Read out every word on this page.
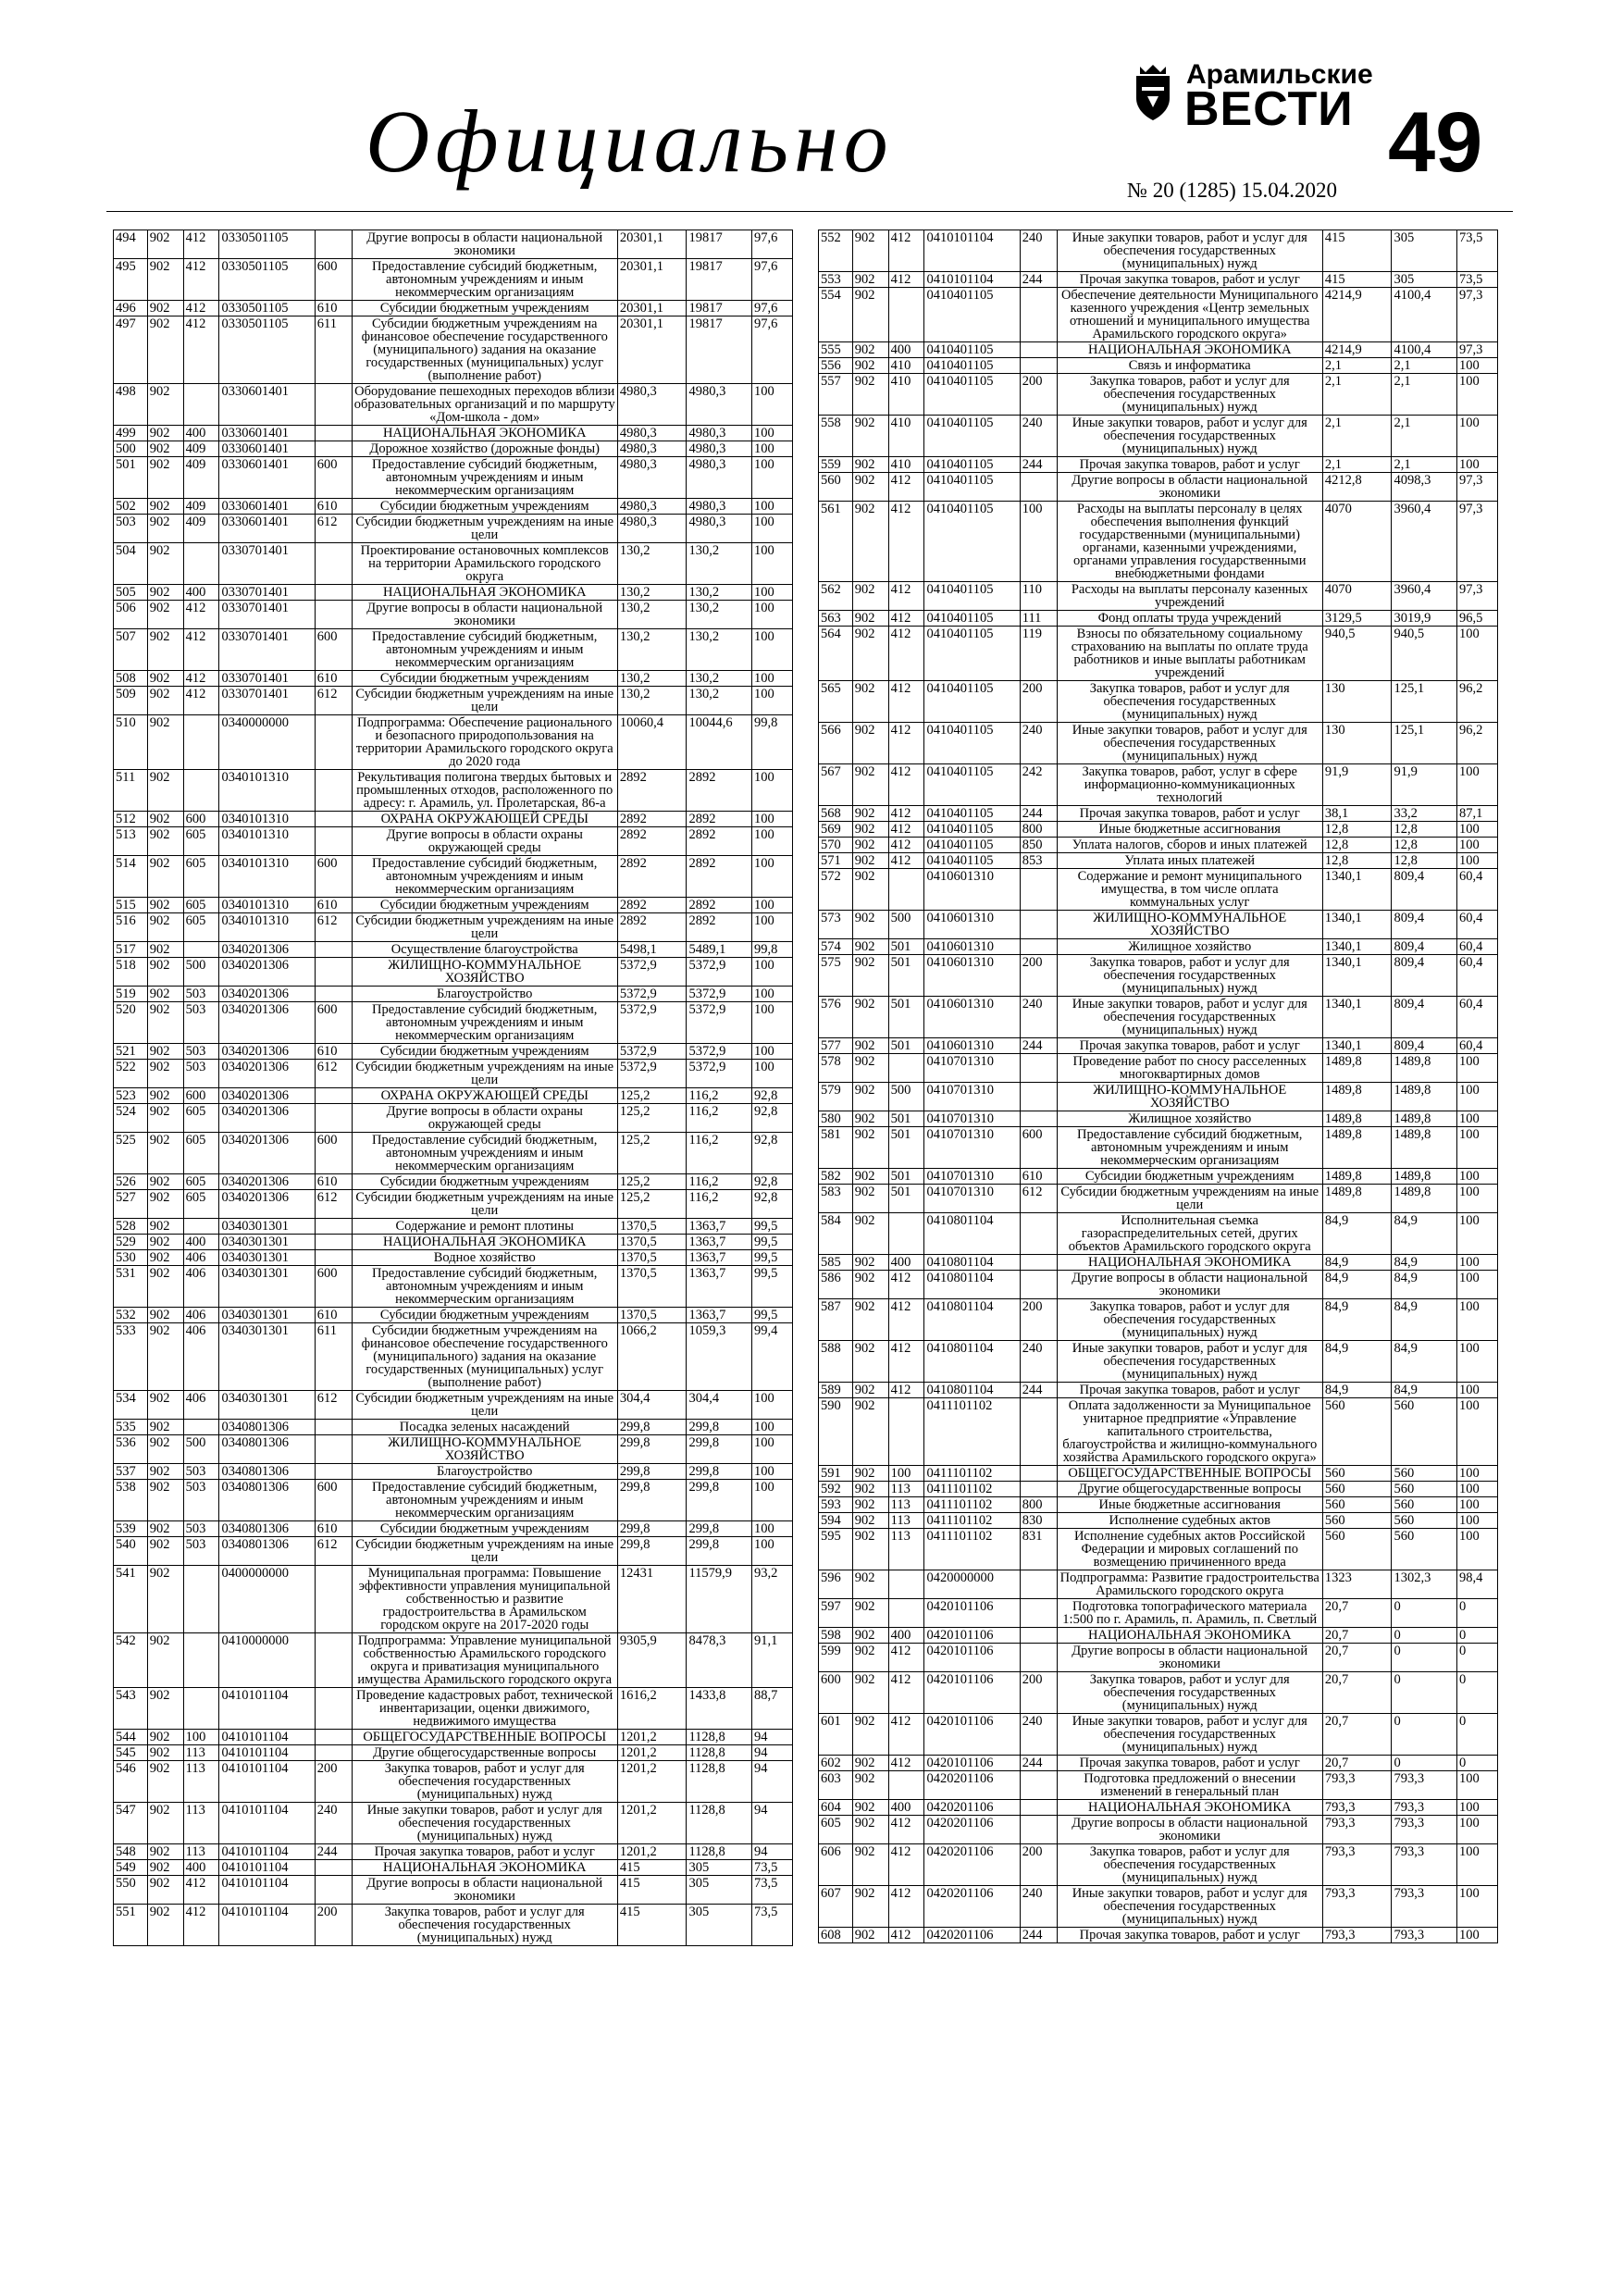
Официально
Арамильские
ВЕСТИ
№ 20 (1285) 15.04.2020
49
494	902	412	0330501105		Другие вопросы в области национальной экономики	20301,1	19817	97,6
495	902	412	0330501105	600	Предоставление субсидий бюджетным, автономным учреждениям и иным некоммерческим организациям	20301,1	19817	97,6
496	902	412	0330501105	610	Субсидии бюджетным учреждениям	20301,1	19817	97,6
497	902	412	0330501105	611	Субсидии бюджетным учреждениям на финансовое обеспечение государственного (муниципального) задания на оказание государственных (муниципальных) услуг (выполнение работ)	20301,1	19817	97,6
498	902		0330601401		Оборудование пешеходных переходов вблизи образовательных организаций и по маршруту «Дом-школа - дом»	4980,3	4980,3	100
499	902	400	0330601401		НАЦИОНАЛЬНАЯ ЭКОНОМИКА	4980,3	4980,3	100
500	902	409	0330601401		Дорожное хозяйство (дорожные фонды)	4980,3	4980,3	100
501	902	409	0330601401	600	Предоставление субсидий бюджетным, автономным учреждениям и иным некоммерческим организациям	4980,3	4980,3	100
502	902	409	0330601401	610	Субсидии бюджетным учреждениям	4980,3	4980,3	100
503	902	409	0330601401	612	Субсидии бюджетным учреждениям на иные цели	4980,3	4980,3	100
504	902		0330701401		Проектирование остановочных комплексов на территории Арамильского городского округа	130,2	130,2	100
505	902	400	0330701401		НАЦИОНАЛЬНАЯ ЭКОНОМИКА	130,2	130,2	100
506	902	412	0330701401		Другие вопросы в области национальной экономики	130,2	130,2	100
507	902	412	0330701401	600	Предоставление субсидий бюджетным, автономным учреждениям и иным некоммерческим организациям	130,2	130,2	100
508	902	412	0330701401	610	Субсидии бюджетным учреждениям	130,2	130,2	100
509	902	412	0330701401	612	Субсидии бюджетным учреждениям на иные цели	130,2	130,2	100
510	902		0340000000		Подпрограмма: Обеспечение рационального и безопасного природопользования на территории Арамильского городского округа до 2020 года	10060,4	10044,6	99,8
511	902		0340101310		Рекультивация полигона твердых бытовых и промышленных отходов, расположенного по адресу: г. Арамиль, ул. Пролетарская, 86-а	2892	2892	100
512	902	600	0340101310		ОХРАНА ОКРУЖАЮЩЕЙ СРЕДЫ	2892	2892	100
513	902	605	0340101310		Другие вопросы в области охраны окружающей среды	2892	2892	100
514	902	605	0340101310	600	Предоставление субсидий бюджетным, автономным учреждениям и иным некоммерческим организациям	2892	2892	100
515	902	605	0340101310	610	Субсидии бюджетным учреждениям	2892	2892	100
516	902	605	0340101310	612	Субсидии бюджетным учреждениям на иные цели	2892	2892	100
517	902		0340201306		Осуществление благоустройства	5498,1	5489,1	99,8
518	902	500	0340201306		ЖИЛИЩНО-КОММУНАЛЬНОЕ ХОЗЯЙСТВО	5372,9	5372,9	100
519	902	503	0340201306		Благоустройство	5372,9	5372,9	100
520	902	503	0340201306	600	Предоставление субсидий бюджетным, автономным учреждениям и иным некоммерческим организациям	5372,9	5372,9	100
521	902	503	0340201306	610	Субсидии бюджетным учреждениям	5372,9	5372,9	100
522	902	503	0340201306	612	Субсидии бюджетным учреждениям на иные цели	5372,9	5372,9	100
523	902	600	0340201306		ОХРАНА ОКРУЖАЮЩЕЙ СРЕДЫ	125,2	116,2	92,8
524	902	605	0340201306		Другие вопросы в области охраны окружающей среды	125,2	116,2	92,8
525	902	605	0340201306	600	Предоставление субсидий бюджетным, автономным учреждениям и иным некоммерческим организациям	125,2	116,2	92,8
526	902	605	0340201306	610	Субсидии бюджетным учреждениям	125,2	116,2	92,8
527	902	605	0340201306	612	Субсидии бюджетным учреждениям на иные цели	125,2	116,2	92,8
528	902		0340301301		Содержание и ремонт плотины	1370,5	1363,7	99,5
529	902	400	0340301301		НАЦИОНАЛЬНАЯ ЭКОНОМИКА	1370,5	1363,7	99,5
530	902	406	0340301301		Водное хозяйство	1370,5	1363,7	99,5
531	902	406	0340301301	600	Предоставление субсидий бюджетным, автономным учреждениям и иным некоммерческим организациям	1370,5	1363,7	99,5
532	902	406	0340301301	610	Субсидии бюджетным учреждениям	1370,5	1363,7	99,5
533	902	406	0340301301	611	Субсидии бюджетным учреждениям на финансовое обеспечение государственного (муниципального) задания на оказание государственных (муниципальных) услуг (выполнение работ)	1066,2	1059,3	99,4
534	902	406	0340301301	612	Субсидии бюджетным учреждениям на иные цели	304,4	304,4	100
535	902		0340801306		Посадка зеленых насаждений	299,8	299,8	100
536	902	500	0340801306		ЖИЛИЩНО-КОММУНАЛЬНОЕ ХОЗЯЙСТВО	299,8	299,8	100
537	902	503	0340801306		Благоустройство	299,8	299,8	100
538	902	503	0340801306	600	Предоставление субсидий бюджетным, автономным учреждениям и иным некоммерческим организациям	299,8	299,8	100
539	902	503	0340801306	610	Субсидии бюджетным учреждениям	299,8	299,8	100
540	902	503	0340801306	612	Субсидии бюджетным учреждениям на иные цели	299,8	299,8	100
541	902		0400000000		Муниципальная программа: Повышение эффективности управления муниципальной собственностью и развитие градостроительства в Арамильском городском округе на 2017-2020 годы	12431	11579,9	93,2
542	902		0410000000		Подпрограмма: Управление муниципальной собственностью Арамильского городского округа и приватизация муниципального имущества Арамильского городского округа	9305,9	8478,3	91,1
543	902		0410101104		Проведение кадастровых работ, технической инвентаризации, оценки движимого, недвижимого имущества	1616,2	1433,8	88,7
544	902	100	0410101104		ОБЩЕГОСУДАРСТВЕННЫЕ ВОПРОСЫ	1201,2	1128,8	94
545	902	113	0410101104		Другие общегосударственные вопросы	1201,2	1128,8	94
546	902	113	0410101104	200	Закупка товаров, работ и услуг для обеспечения государственных (муниципальных) нужд	1201,2	1128,8	94
547	902	113	0410101104	240	Иные закупки товаров, работ и услуг для обеспечения государственных (муниципальных) нужд	1201,2	1128,8	94
548	902	113	0410101104	244	Прочая закупка товаров, работ и услуг	1201,2	1128,8	94
549	902	400	0410101104		НАЦИОНАЛЬНАЯ ЭКОНОМИКА	415	305	73,5
550	902	412	0410101104		Другие вопросы в области национальной экономики	415	305	73,5
551	902	412	0410101104	200	Закупка товаров, работ и услуг для обеспечения государственных (муниципальных) нужд	415	305	73,5
552	902	412	0410101104	240	Иные закупки товаров, работ и услуг для обеспечения государственных (муниципальных) нужд	415	305	73,5
553	902	412	0410101104	244	Прочая закупка товаров, работ и услуг	415	305	73,5
554	902		0410401105		Обеспечение деятельности Муниципального казенного учреждения «Центр земельных отношений и муниципального имущества Арамильского городского округа»	4214,9	4100,4	97,3
555	902	400	0410401105		НАЦИОНАЛЬНАЯ ЭКОНОМИКА	4214,9	4100,4	97,3
556	902	410	0410401105		Связь и информатика	2,1	2,1	100
557	902	410	0410401105	200	Закупка товаров, работ и услуг для обеспечения государственных (муниципальных) нужд	2,1	2,1	100
558	902	410	0410401105	240	Иные закупки товаров, работ и услуг для обеспечения государственных (муниципальных) нужд	2,1	2,1	100
559	902	410	0410401105	244	Прочая закупка товаров, работ и услуг	2,1	2,1	100
560	902	412	0410401105		Другие вопросы в области национальной экономики	4212,8	4098,3	97,3
561	902	412	0410401105	100	Расходы на выплаты персоналу в целях обеспечения выполнения функций государственными (муниципальными) органами, казенными учреждениями, органами управления государственными внебюджетными фондами	4070	3960,4	97,3
562	902	412	0410401105	110	Расходы на выплаты персоналу казенных учреждений	4070	3960,4	97,3
563	902	412	0410401105	111	Фонд оплаты труда учреждений	3129,5	3019,9	96,5
564	902	412	0410401105	119	Взносы по обязательному социальному страхованию на выплаты по оплате труда работников и иные выплаты работникам учреждений	940,5	940,5	100
565	902	412	0410401105	200	Закупка товаров, работ и услуг для обеспечения государственных (муниципальных) нужд	130	125,1	96,2
566	902	412	0410401105	240	Иные закупки товаров, работ и услуг для обеспечения государственных (муниципальных) нужд	130	125,1	96,2
567	902	412	0410401105	242	Закупка товаров, работ, услуг в сфере информационно-коммуникационных технологий	91,9	91,9	100
568	902	412	0410401105	244	Прочая закупка товаров, работ и услуг	38,1	33,2	87,1
569	902	412	0410401105	800	Иные бюджетные ассигнования	12,8	12,8	100
570	902	412	0410401105	850	Уплата налогов, сборов и иных платежей	12,8	12,8	100
571	902	412	0410401105	853	Уплата иных платежей	12,8	12,8	100
572	902		0410601310		Содержание и ремонт муниципального имущества, в том числе оплата коммунальных услуг	1340,1	809,4	60,4
573	902	500	0410601310		ЖИЛИЩНО-КОММУНАЛЬНОЕ ХОЗЯЙСТВО	1340,1	809,4	60,4
574	902	501	0410601310		Жилищное хозяйство	1340,1	809,4	60,4
575	902	501	0410601310	200	Закупка товаров, работ и услуг для обеспечения государственных (муниципальных) нужд	1340,1	809,4	60,4
576	902	501	0410601310	240	Иные закупки товаров, работ и услуг для обеспечения государственных (муниципальных) нужд	1340,1	809,4	60,4
577	902	501	0410601310	244	Прочая закупка товаров, работ и услуг	1340,1	809,4	60,4
578	902		0410701310		Проведение работ по сносу расселенных многоквартирных домов	1489,8	1489,8	100
579	902	500	0410701310		ЖИЛИЩНО-КОММУНАЛЬНОЕ ХОЗЯЙСТВО	1489,8	1489,8	100
580	902	501	0410701310		Жилищное хозяйство	1489,8	1489,8	100
581	902	501	0410701310	600	Предоставление субсидий бюджетным, автономным учреждениям и иным некоммерческим организациям	1489,8	1489,8	100
582	902	501	0410701310	610	Субсидии бюджетным учреждениям	1489,8	1489,8	100
583	902	501	0410701310	612	Субсидии бюджетным учреждениям на иные цели	1489,8	1489,8	100
584	902		0410801104		Исполнительная съемка газораспределительных сетей, других объектов Арамильского городского округа	84,9	84,9	100
585	902	400	0410801104		НАЦИОНАЛЬНАЯ ЭКОНОМИКА	84,9	84,9	100
586	902	412	0410801104		Другие вопросы в области национальной экономики	84,9	84,9	100
587	902	412	0410801104	200	Закупка товаров, работ и услуг для обеспечения государственных (муниципальных) нужд	84,9	84,9	100
588	902	412	0410801104	240	Иные закупки товаров, работ и услуг для обеспечения государственных (муниципальных) нужд	84,9	84,9	100
589	902	412	0410801104	244	Прочая закупка товаров, работ и услуг	84,9	84,9	100
590	902		0411101102		Оплата задолженности за Муниципальное унитарное предприятие «Управление капитального строительства, благоустройства и жилищно-коммунального хозяйства Арамильского городского округа»	560	560	100
591	902	100	0411101102		ОБЩЕГОСУДАРСТВЕННЫЕ ВОПРОСЫ	560	560	100
592	902	113	0411101102		Другие общегосударственные вопросы	560	560	100
593	902	113	0411101102	800	Иные бюджетные ассигнования	560	560	100
594	902	113	0411101102	830	Исполнение судебных актов	560	560	100
595	902	113	0411101102	831	Исполнение судебных актов Российской Федерации и мировых соглашений по возмещению причиненного вреда	560	560	100
596	902		0420000000		Подпрограмма: Развитие градостроительства Арамильского городского округа	1323	1302,3	98,4
597	902		0420101106		Подготовка топографического материала 1:500 по г. Арамиль, п. Арамиль, п. Светлый	20,7	0	0
598	902	400	0420101106		НАЦИОНАЛЬНАЯ ЭКОНОМИКА	20,7	0	0
599	902	412	0420101106		Другие вопросы в области национальной экономики	20,7	0	0
600	902	412	0420101106	200	Закупка товаров, работ и услуг для обеспечения государственных (муниципальных) нужд	20,7	0	0
601	902	412	0420101106	240	Иные закупки товаров, работ и услуг для обеспечения государственных (муниципальных) нужд	20,7	0	0
602	902	412	0420101106	244	Прочая закупка товаров, работ и услуг	20,7	0	0
603	902		0420201106		Подготовка предложений о внесении изменений в генеральный план	793,3	793,3	100
604	902	400	0420201106		НАЦИОНАЛЬНАЯ ЭКОНОМИКА	793,3	793,3	100
605	902	412	0420201106		Другие вопросы в области национальной экономики	793,3	793,3	100
606	902	412	0420201106	200	Закупка товаров, работ и услуг для обеспечения государственных (муниципальных) нужд	793,3	793,3	100
607	902	412	0420201106	240	Иные закупки товаров, работ и услуг для обеспечения государственных (муниципальных) нужд	793,3	793,3	100
608	902	412	0420201106	244	Прочая закупка товаров, работ и услуг	793,3	793,3	100
